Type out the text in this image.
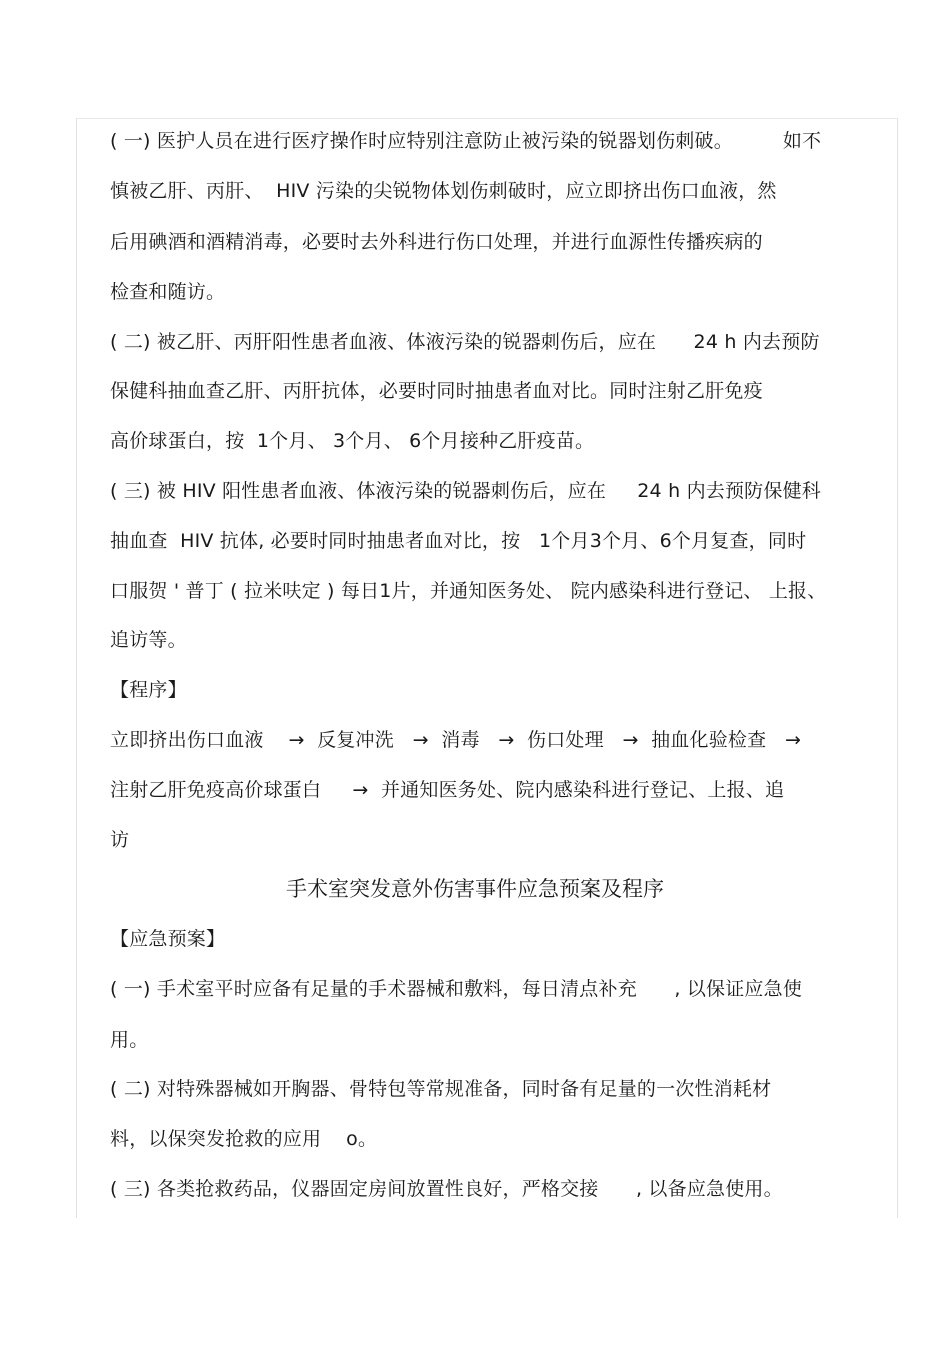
( 一) 医护人员在进行医疗操作时应特别注意防止被污染的锐器划伤刺破。        如不
慎被乙肝、丙肝、  HIV 污染的尖锐物体划伤刺破时，应立即挤出伤口血液，然
后用碘酒和酒精消毒，必要时去外科进行伤口处理，并进行血源性传播疾病的
检查和随访。
( 二) 被乙肝、丙肝阳性患者血液、体液污染的锐器刺伤后，应在      24 h 内去预防
保健科抽血查乙肝、丙肝抗体，必要时同时抽患者血对比。同时注射乙肝免疫
高价球蛋白，按  1个月、 3个月、 6个月接种乙肝疫苗。
( 三) 被 HIV 阳性患者血液、体液污染的锐器刺伤后，应在     24 h 内去预防保健科
抽血查  HIV 抗体, 必要时同时抽患者血对比，按   1个月3个月、6个月复查，同时
口服贺 ' 普丁 ( 拉米呋定 ) 每日1片，并通知医务处、 院内感染科进行登记、 上报、
追访等。
【程序】
立即挤出伤口血液    →  反复冲洗   →  消毒   →  伤口处理   →  抽血化验检查   →
注射乙肝免疫高价球蛋白     →  并通知医务处、院内感染科进行登记、上报、追
访
手术室突发意外伤害事件应急预案及程序
【应急预案】
( 一) 手术室平时应备有足量的手术器械和敷料，每日清点补充      , 以保证应急使
用。
( 二) 对特殊器械如开胸器、骨特包等常规准备，同时备有足量的一次性消耗材
料，以保突发抢救的应用    o。
( 三) 各类抢救药品，仪器固定房间放置性良好，严格交接      , 以备应急使用。
